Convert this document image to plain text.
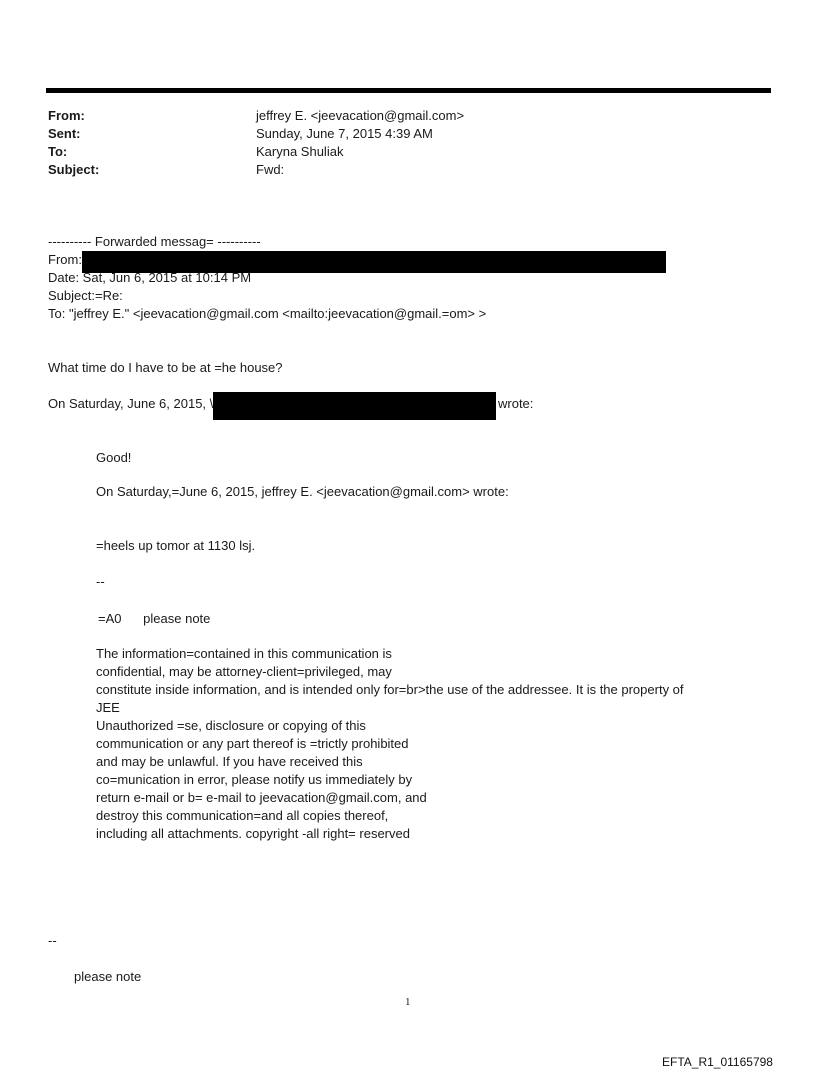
From:	jeffrey E. <jeevacation@gmail.com>
Sent:	Sunday, June 7, 2015 4:39 AM
To:	Karyna Shuliak
Subject:	Fwd:
---------- Forwarded messag= ----------
From:
Date: Sat, Jun 6, 2015 at 10:14 PM
Subject:=Re:
To: "jeffrey E." <jeevacation@gmail.com <mailto:jeevacation@gmail.=om> >
What time do I have to be at =he house?
On Saturday, June 6, 2015, \	wrote:
Good!
On Saturday,=June 6, 2015, jeffrey E. <jeevacation@gmail.com> wrote:
=heels up tomor at 1130 lsj.
--
=A0      please note
The information=contained in this communication is
confidential, may be attorney-client=privileged, may
constitute inside information, and is intended only for=br>the use of the addressee. It is the property of
JEE
Unauthorized =se, disclosure or copying of this
communication or any part thereof is =trictly prohibited
and may be unlawful. If you have received this
co=munication in error, please notify us immediately by
return e-mail or b= e-mail to jeevacation@gmail.com, and
destroy this communication=and all copies thereof,
including all attachments. copyright -all right= reserved
--
please note
1
EFTA_R1_01165798
